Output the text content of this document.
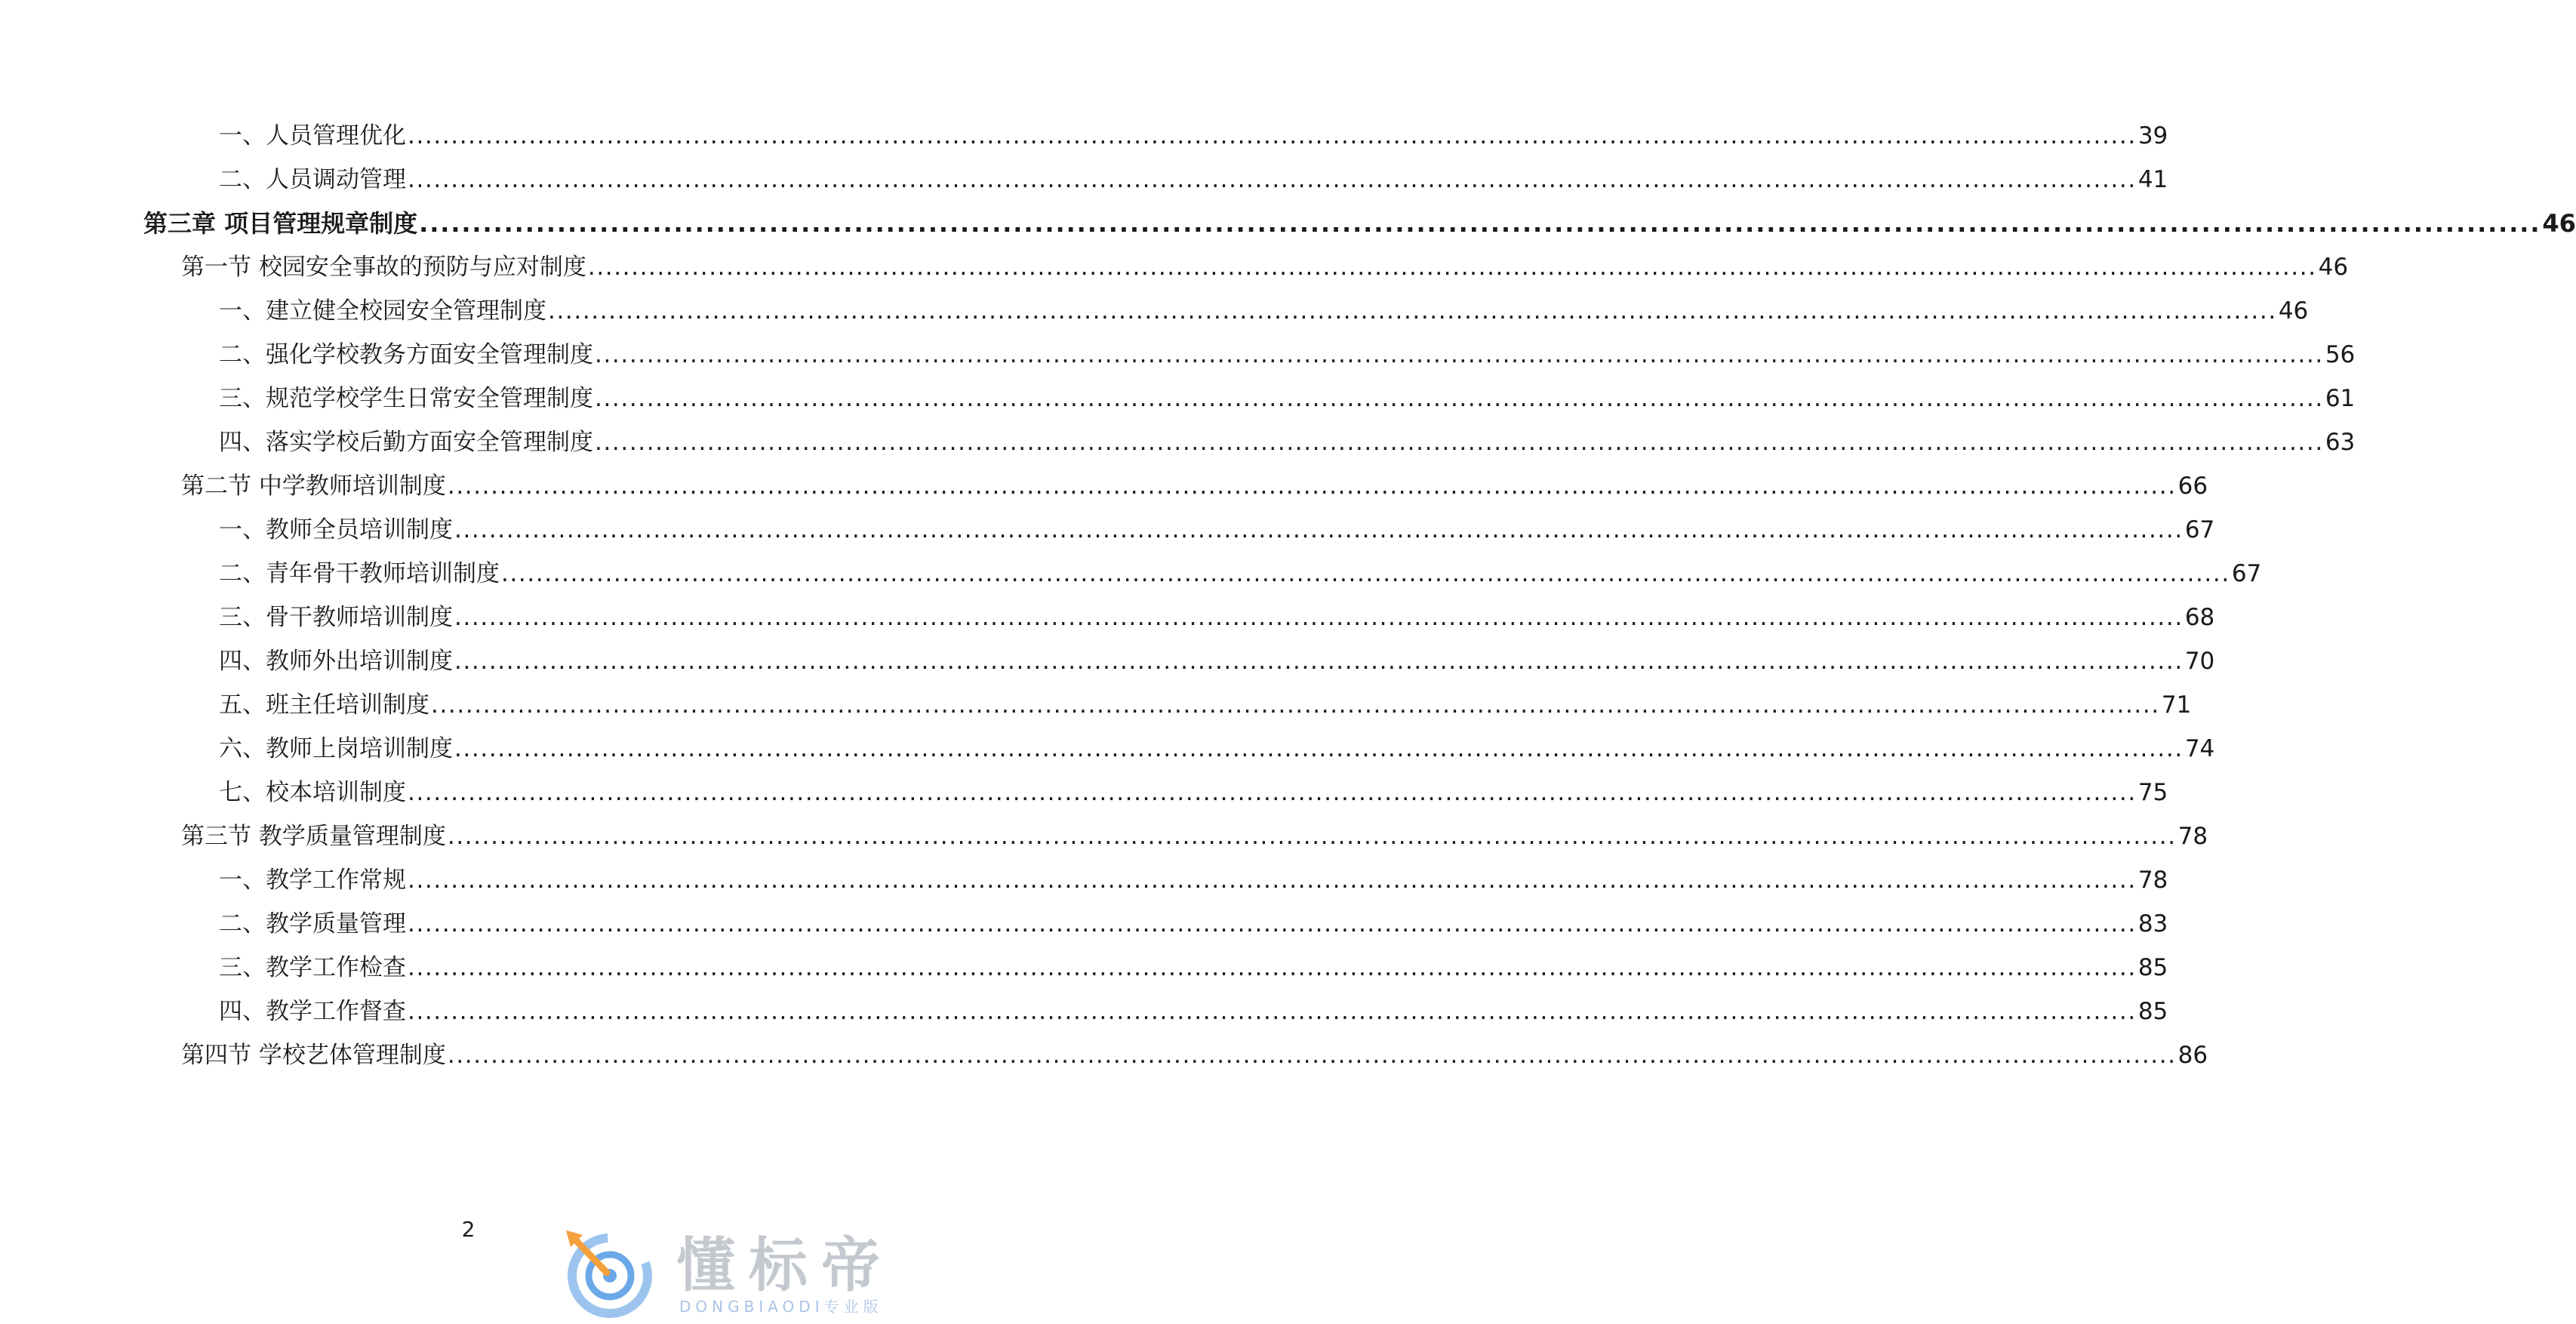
一、人员管理优化 ........................................................................................................................................................................................................ 39
二、人员调动管理 ........................................................................................................................................................................................................ 41
第三章 项目管理规章制度 ........................................................................................................................................................................................................ 46
第一节 校园安全事故的预防与应对制度 ........................................................................................................................................................................................................ 46
一、建立健全校园安全管理制度 ........................................................................................................................................................................................................ 46
二、强化学校教务方面安全管理制度 ........................................................................................................................................................................................................ 56
三、规范学校学生日常安全管理制度 ........................................................................................................................................................................................................ 61
四、落实学校后勤方面安全管理制度 ........................................................................................................................................................................................................ 63
第二节 中学教师培训制度 ........................................................................................................................................................................................................ 66
一、教师全员培训制度 ........................................................................................................................................................................................................ 67
二、青年骨干教师培训制度 ........................................................................................................................................................................................................ 67
三、骨干教师培训制度 ........................................................................................................................................................................................................ 68
四、教师外出培训制度 ........................................................................................................................................................................................................ 70
五、班主任培训制度 ........................................................................................................................................................................................................ 71
六、教师上岗培训制度 ........................................................................................................................................................................................................ 74
七、校本培训制度 ........................................................................................................................................................................................................ 75
第三节 教学质量管理制度 ........................................................................................................................................................................................................ 78
一、教学工作常规 ........................................................................................................................................................................................................ 78
二、教学质量管理 ........................................................................................................................................................................................................ 83
三、教学工作检查 ........................................................................................................................................................................................................ 85
四、教学工作督查 ........................................................................................................................................................................................................ 85
第四节 学校艺体管理制度 ........................................................................................................................................................................................................ 86
2
懂标帝
DONGBIAODI专业版
